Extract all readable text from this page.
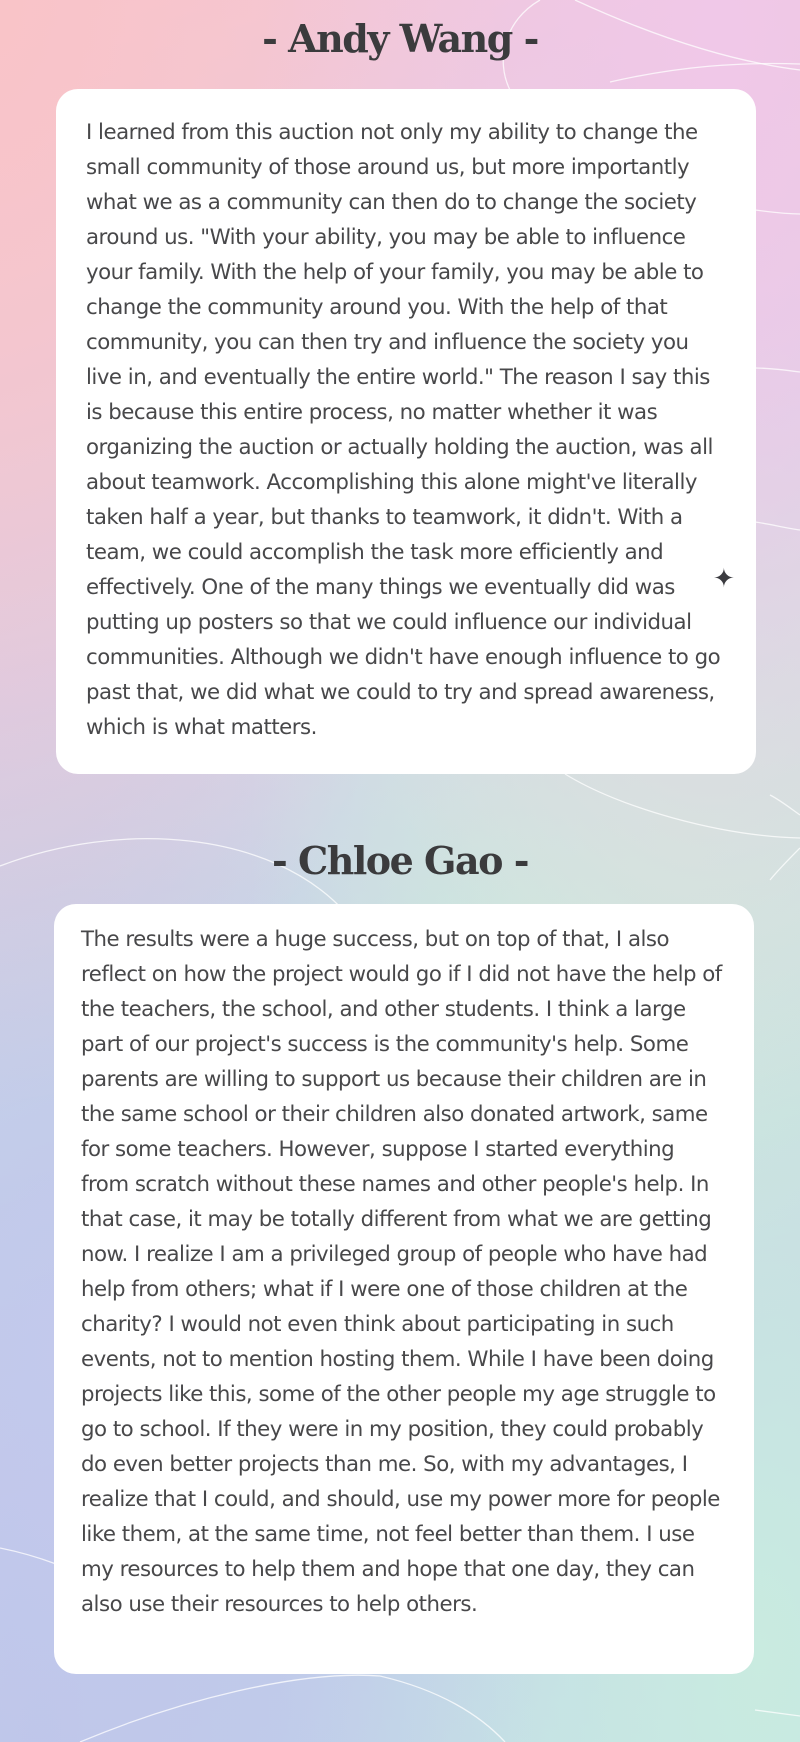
- Andy Wang -

I learned from this auction not only my ability to change the small community of those around us, but more importantly what we as a community can then do to change the society around us. "With your ability, you may be able to influence your family. With the help of your family, you may be able to change the community around you. With the help of that community, you can then try and influence the society you live in, and eventually the entire world." The reason I say this is because this entire process, no matter whether it was organizing the auction or actually holding the auction, was all about teamwork. Accomplishing this alone might've literally taken half a year, but thanks to teamwork, it didn't. With a team, we could accomplish the task more efficiently and effectively. One of the many things we eventually did was putting up posters so that we could influence our individual communities. Although we didn't have enough influence to go past that, we did what we could to try and spread awareness, which is what matters.

✦
- Chloe Gao -

The results were a huge success, but on top of that, I also reflect on how the project would go if I did not have the help of the teachers, the school, and other students. I think a large part of our project's success is the community's help. Some parents are willing to support us because their children are in the same school or their children also donated artwork, same for some teachers. However, suppose I started everything from scratch without these names and other people's help. In that case, it may be totally different from what we are getting now. I realize I am a privileged group of people who have had help from others; what if I were one of those children at the charity? I would not even think about participating in such events, not to mention hosting them. While I have been doing projects like this, some of the other people my age struggle to go to school. If they were in my position, they could probably do even better projects than me. So, with my advantages, I realize that I could, and should, use my power more for people like them, at the same time, not feel better than them. I use my resources to help them and hope that one day, they can also use their resources to help others.
